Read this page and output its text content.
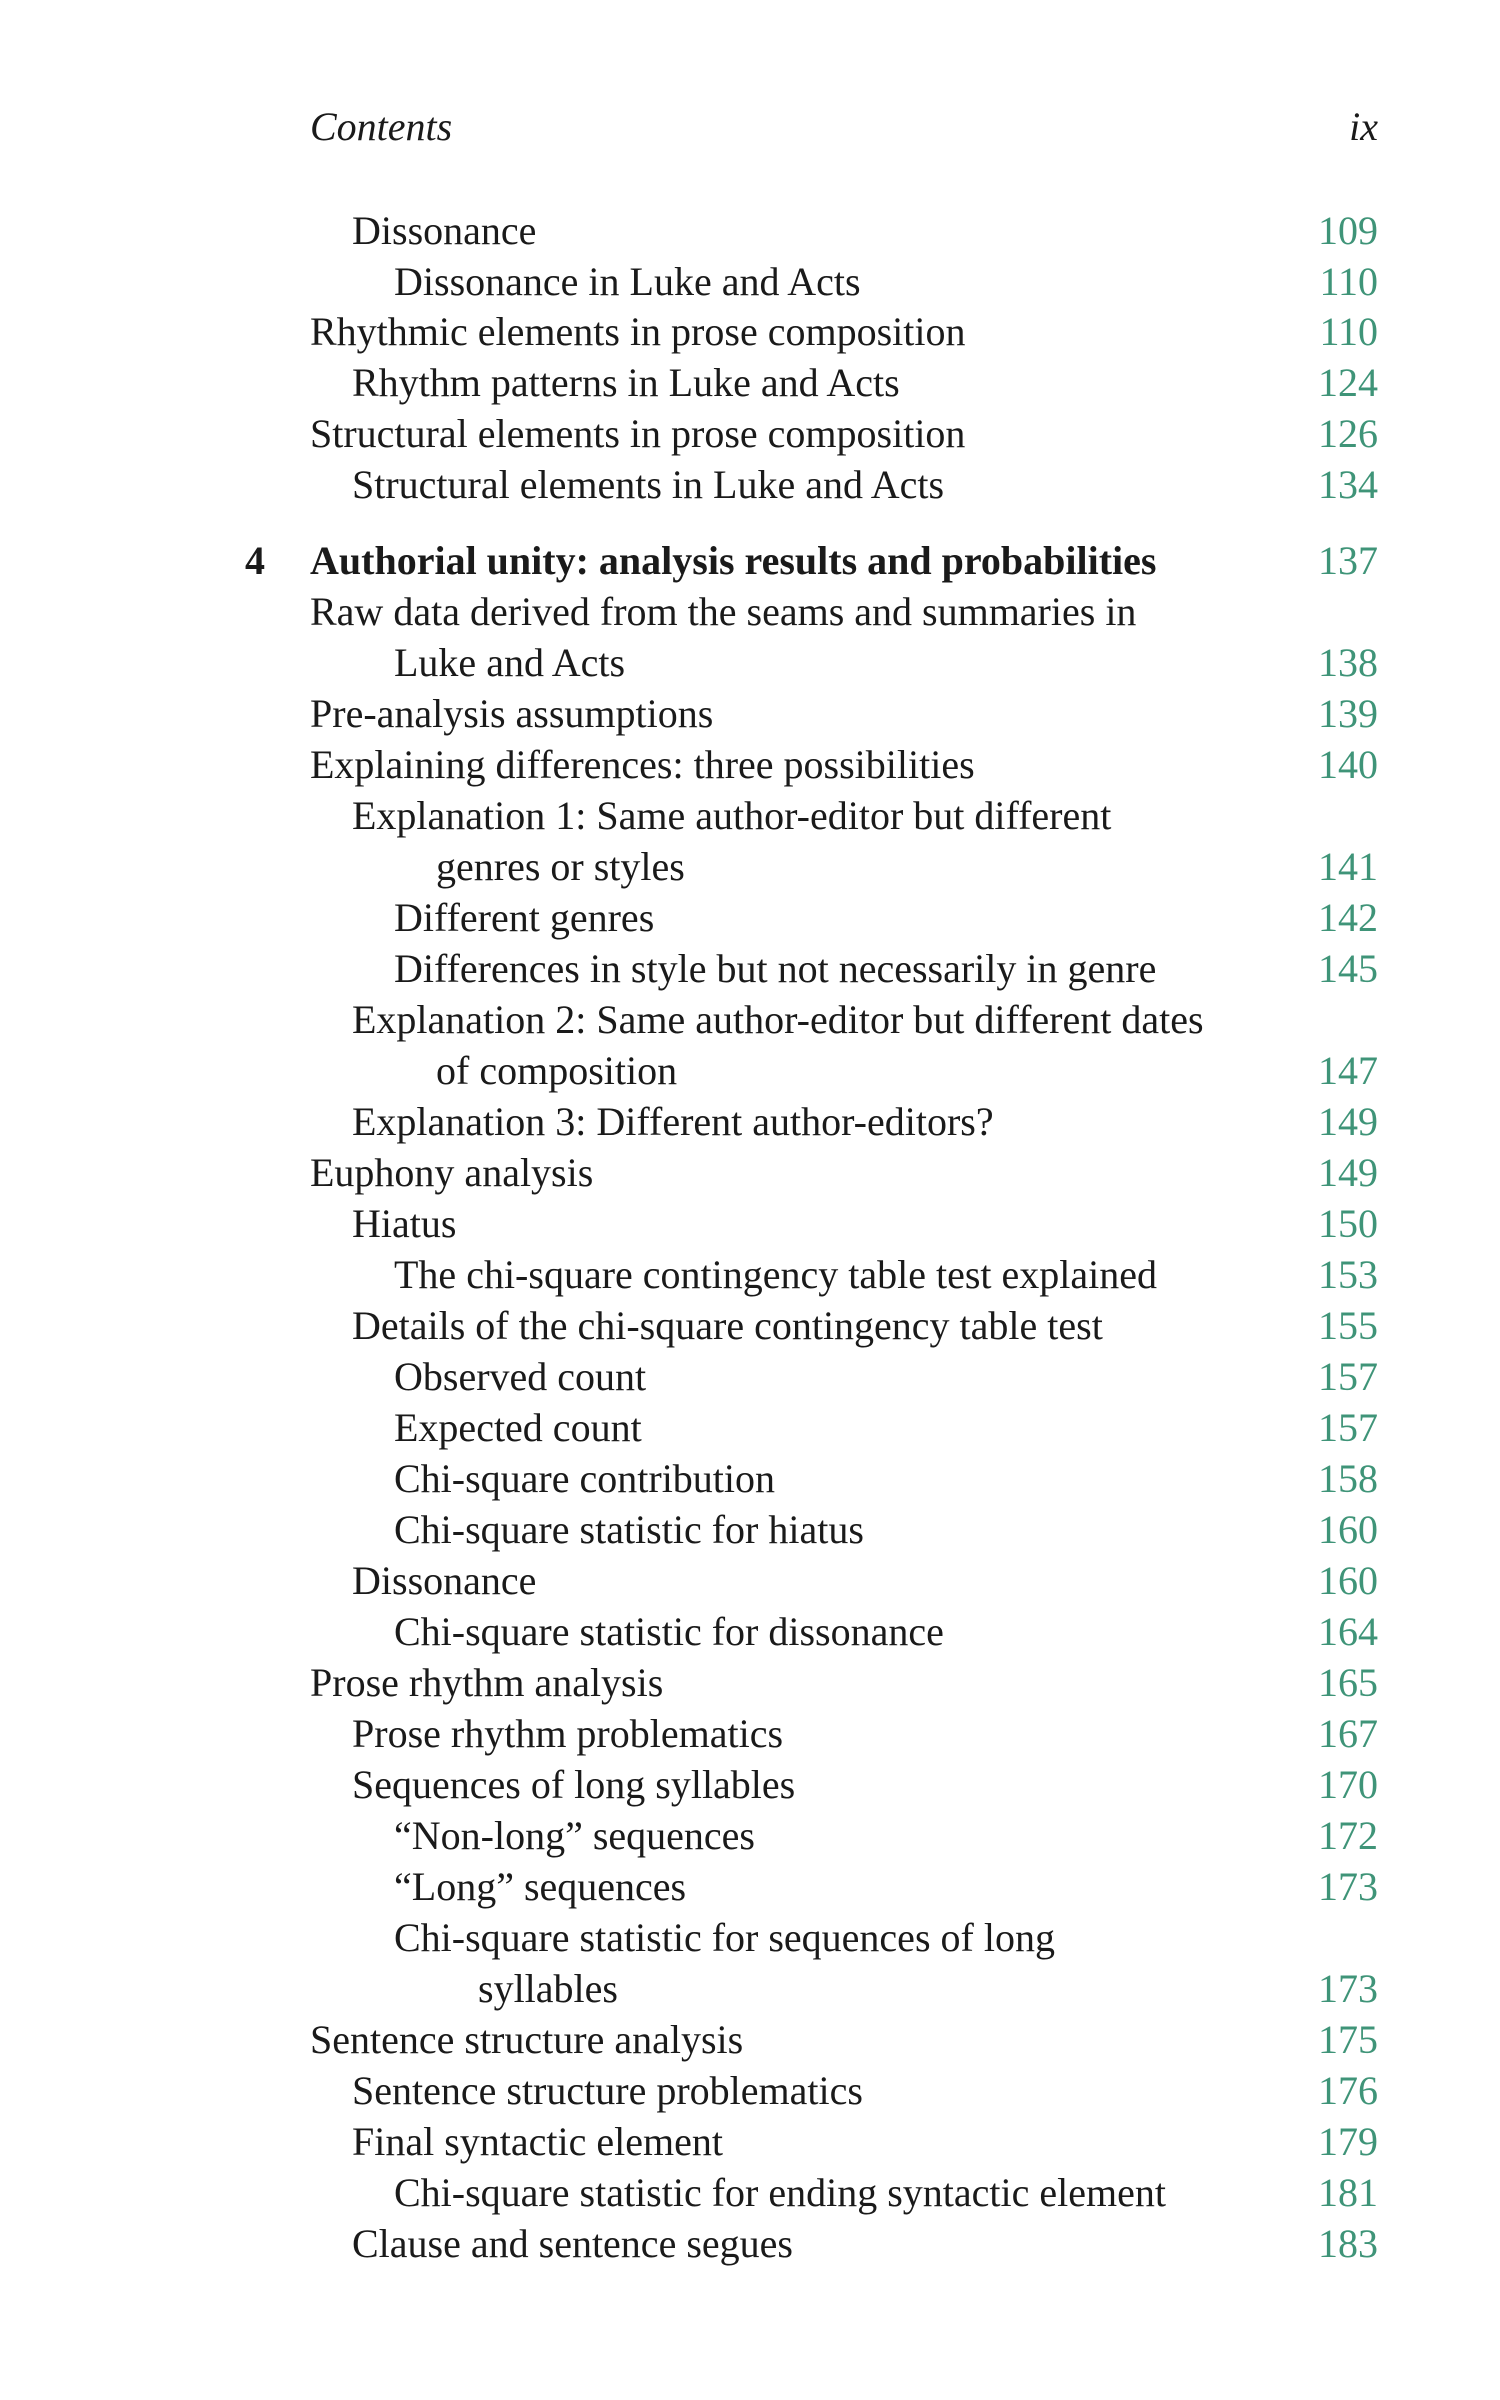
Contents	ix
Dissonance	109
Dissonance in Luke and Acts	110
Rhythmic elements in prose composition	110
Rhythm patterns in Luke and Acts	124
Structural elements in prose composition	126
Structural elements in Luke and Acts	134
4 Authorial unity: analysis results and probabilities	137
Raw data derived from the seams and summaries in
Luke and Acts	138
Pre-analysis assumptions	139
Explaining differences: three possibilities	140
Explanation 1: Same author-editor but different
genres or styles	141
Different genres	142
Differences in style but not necessarily in genre	145
Explanation 2: Same author-editor but different dates
of composition	147
Explanation 3: Different author-editors?	149
Euphony analysis	149
Hiatus	150
The chi-square contingency table test explained	153
Details of the chi-square contingency table test	155
Observed count	157
Expected count	157
Chi-square contribution	158
Chi-square statistic for hiatus	160
Dissonance	160
Chi-square statistic for dissonance	164
Prose rhythm analysis	165
Prose rhythm problematics	167
Sequences of long syllables	170
“Non-long” sequences	172
“Long” sequences	173
Chi-square statistic for sequences of long
syllables	173
Sentence structure analysis	175
Sentence structure problematics	176
Final syntactic element	179
Chi-square statistic for ending syntactic element	181
Clause and sentence segues	183
